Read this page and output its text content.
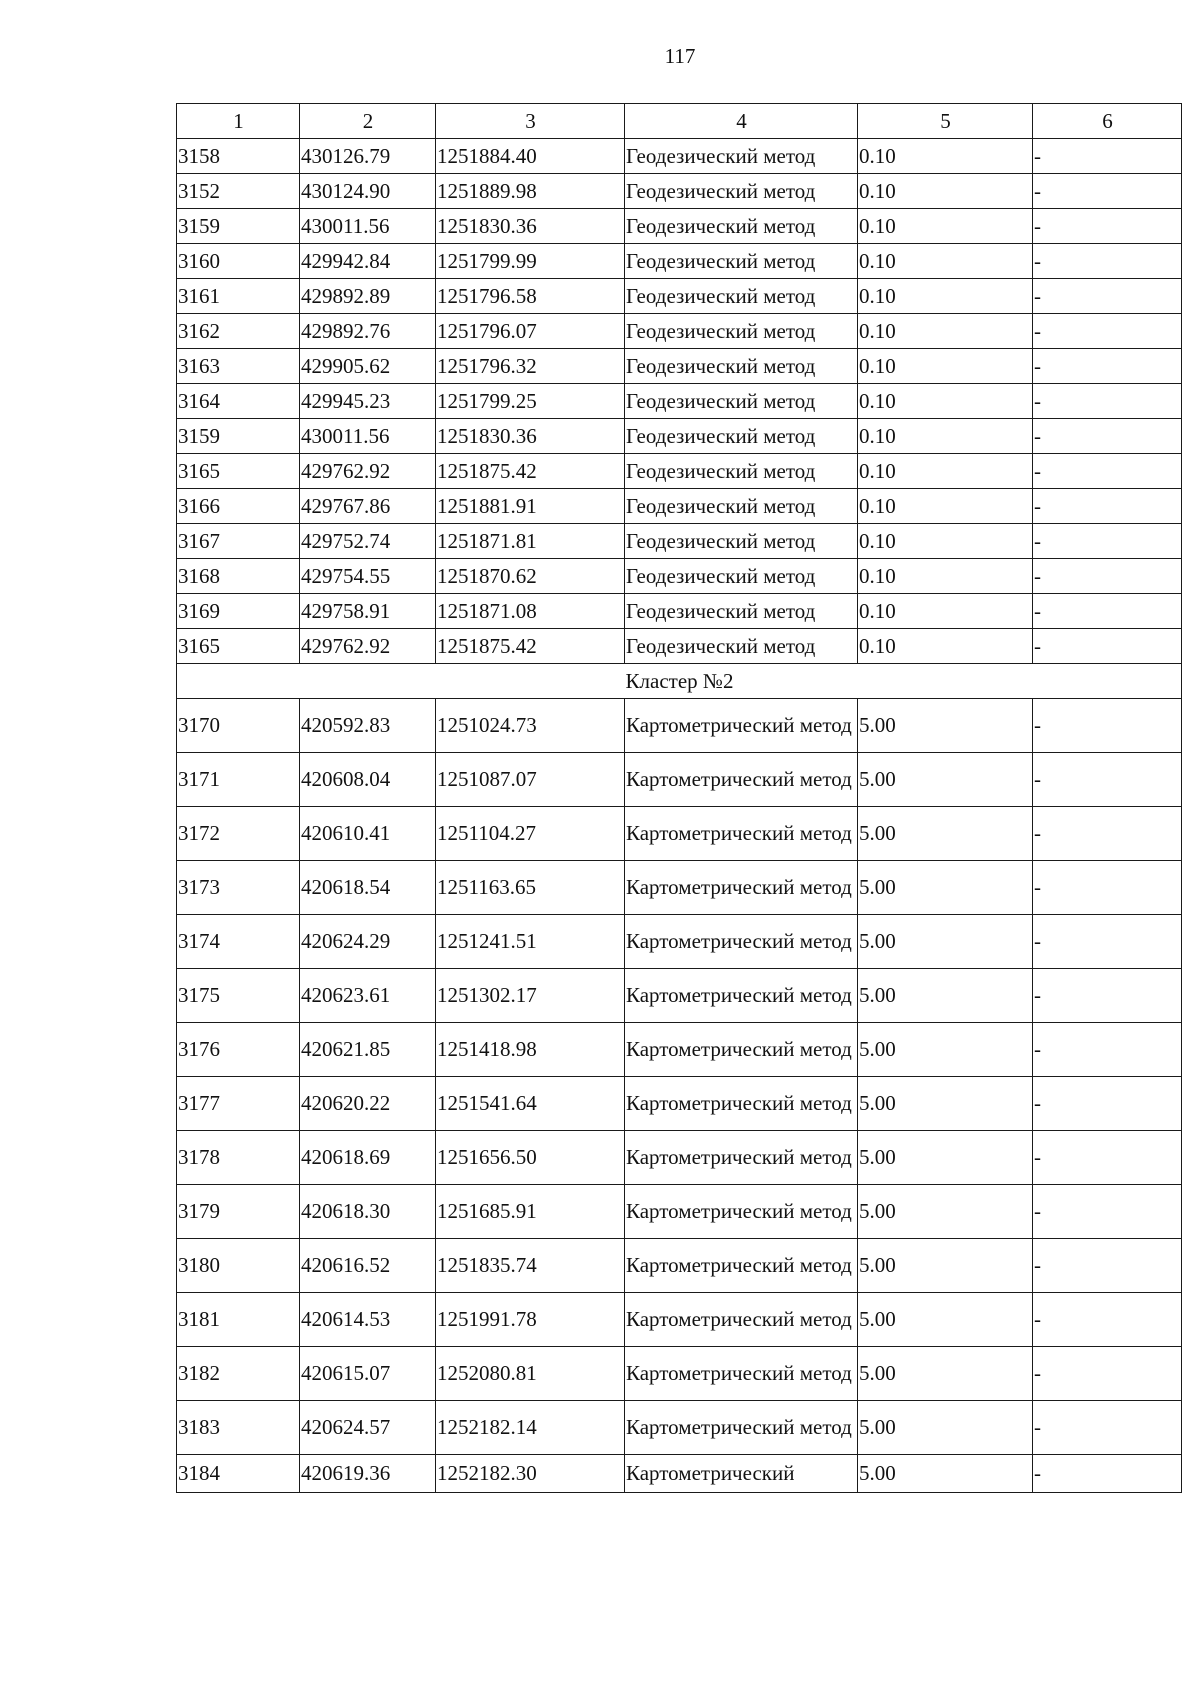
117
1	2	3	4	5	6
3158	430126.79	1251884.40	Геодезический метод	0.10	-
3152	430124.90	1251889.98	Геодезический метод	0.10	-
3159	430011.56	1251830.36	Геодезический метод	0.10	-
3160	429942.84	1251799.99	Геодезический метод	0.10	-
3161	429892.89	1251796.58	Геодезический метод	0.10	-
3162	429892.76	1251796.07	Геодезический метод	0.10	-
3163	429905.62	1251796.32	Геодезический метод	0.10	-
3164	429945.23	1251799.25	Геодезический метод	0.10	-
3159	430011.56	1251830.36	Геодезический метод	0.10	-
3165	429762.92	1251875.42	Геодезический метод	0.10	-
3166	429767.86	1251881.91	Геодезический метод	0.10	-
3167	429752.74	1251871.81	Геодезический метод	0.10	-
3168	429754.55	1251870.62	Геодезический метод	0.10	-
3169	429758.91	1251871.08	Геодезический метод	0.10	-
3165	429762.92	1251875.42	Геодезический метод	0.10	-
Кластер №2					
3170	420592.83	1251024.73	Картометрический метод	5.00	-
3171	420608.04	1251087.07	Картометрический метод	5.00	-
3172	420610.41	1251104.27	Картометрический метод	5.00	-
3173	420618.54	1251163.65	Картометрический метод	5.00	-
3174	420624.29	1251241.51	Картометрический метод	5.00	-
3175	420623.61	1251302.17	Картометрический метод	5.00	-
3176	420621.85	1251418.98	Картометрический метод	5.00	-
3177	420620.22	1251541.64	Картометрический метод	5.00	-
3178	420618.69	1251656.50	Картометрический метод	5.00	-
3179	420618.30	1251685.91	Картометрический метод	5.00	-
3180	420616.52	1251835.74	Картометрический метод	5.00	-
3181	420614.53	1251991.78	Картометрический метод	5.00	-
3182	420615.07	1252080.81	Картометрический метод	5.00	-
3183	420624.57	1252182.14	Картометрический метод	5.00	-
3184	420619.36	1252182.30	Картометрический	5.00	-
